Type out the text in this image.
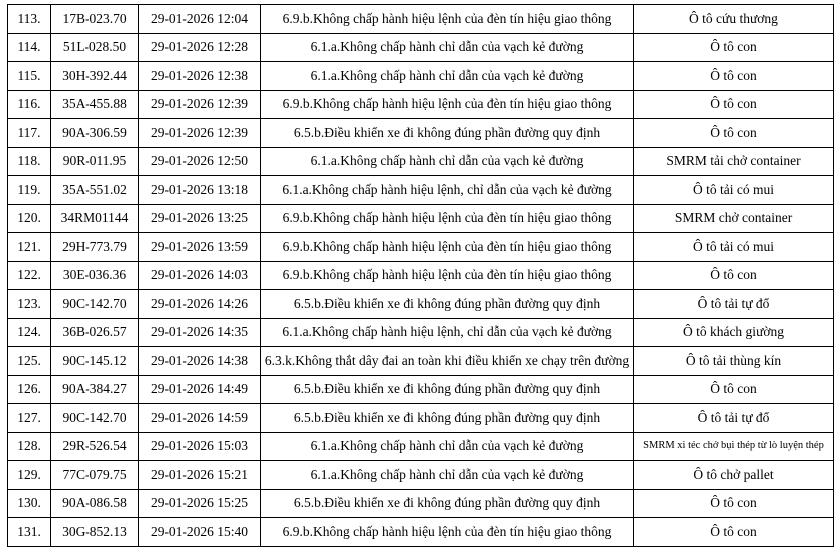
113.	17B-023.70	29-01-2026 12:04	6.9.b.Không chấp hành hiệu lệnh của đèn tín hiệu giao thông	Ô tô cứu thương
114.	51L-028.50	29-01-2026 12:28	6.1.a.Không chấp hành chỉ dẫn của vạch kẻ đường	Ô tô con
115.	30H-392.44	29-01-2026 12:38	6.1.a.Không chấp hành chỉ dẫn của vạch kẻ đường	Ô tô con
116.	35A-455.88	29-01-2026 12:39	6.9.b.Không chấp hành hiệu lệnh của đèn tín hiệu giao thông	Ô tô con
117.	90A-306.59	29-01-2026 12:39	6.5.b.Điều khiển xe đi không đúng phần đường quy định	Ô tô con
118.	90R-011.95	29-01-2026 12:50	6.1.a.Không chấp hành chỉ dẫn của vạch kẻ đường	SMRM tải chở container
119.	35A-551.02	29-01-2026 13:18	6.1.a.Không chấp hành hiệu lệnh, chỉ dẫn của vạch kẻ đường	Ô tô tải có mui
120.	34RM01144	29-01-2026 13:25	6.9.b.Không chấp hành hiệu lệnh của đèn tín hiệu giao thông	SMRM chở container
121.	29H-773.79	29-01-2026 13:59	6.9.b.Không chấp hành hiệu lệnh của đèn tín hiệu giao thông	Ô tô tải có mui
122.	30E-036.36	29-01-2026 14:03	6.9.b.Không chấp hành hiệu lệnh của đèn tín hiệu giao thông	Ô tô con
123.	90C-142.70	29-01-2026 14:26	6.5.b.Điều khiển xe đi không đúng phần đường quy định	Ô tô tải tự đổ
124.	36B-026.57	29-01-2026 14:35	6.1.a.Không chấp hành hiệu lệnh, chỉ dẫn của vạch kẻ đường	Ô tô khách giường
125.	90C-145.12	29-01-2026 14:38	6.3.k.Không thắt dây đai an toàn khi điều khiển xe chạy trên đường	Ô tô tải thùng kín
126.	90A-384.27	29-01-2026 14:49	6.5.b.Điều khiển xe đi không đúng phần đường quy định	Ô tô con
127.	90C-142.70	29-01-2026 14:59	6.5.b.Điều khiển xe đi không đúng phần đường quy định	Ô tô tải tự đổ
128.	29R-526.54	29-01-2026 15:03	6.1.a.Không chấp hành chỉ dẫn của vạch kẻ đường	SMRM xi téc chở bụi thép từ lò luyện thép
129.	77C-079.75	29-01-2026 15:21	6.1.a.Không chấp hành chỉ dẫn của vạch kẻ đường	Ô tô chở pallet
130.	90A-086.58	29-01-2026 15:25	6.5.b.Điều khiển xe đi không đúng phần đường quy định	Ô tô con
131.	30G-852.13	29-01-2026 15:40	6.9.b.Không chấp hành hiệu lệnh của đèn tín hiệu giao thông	Ô tô con
